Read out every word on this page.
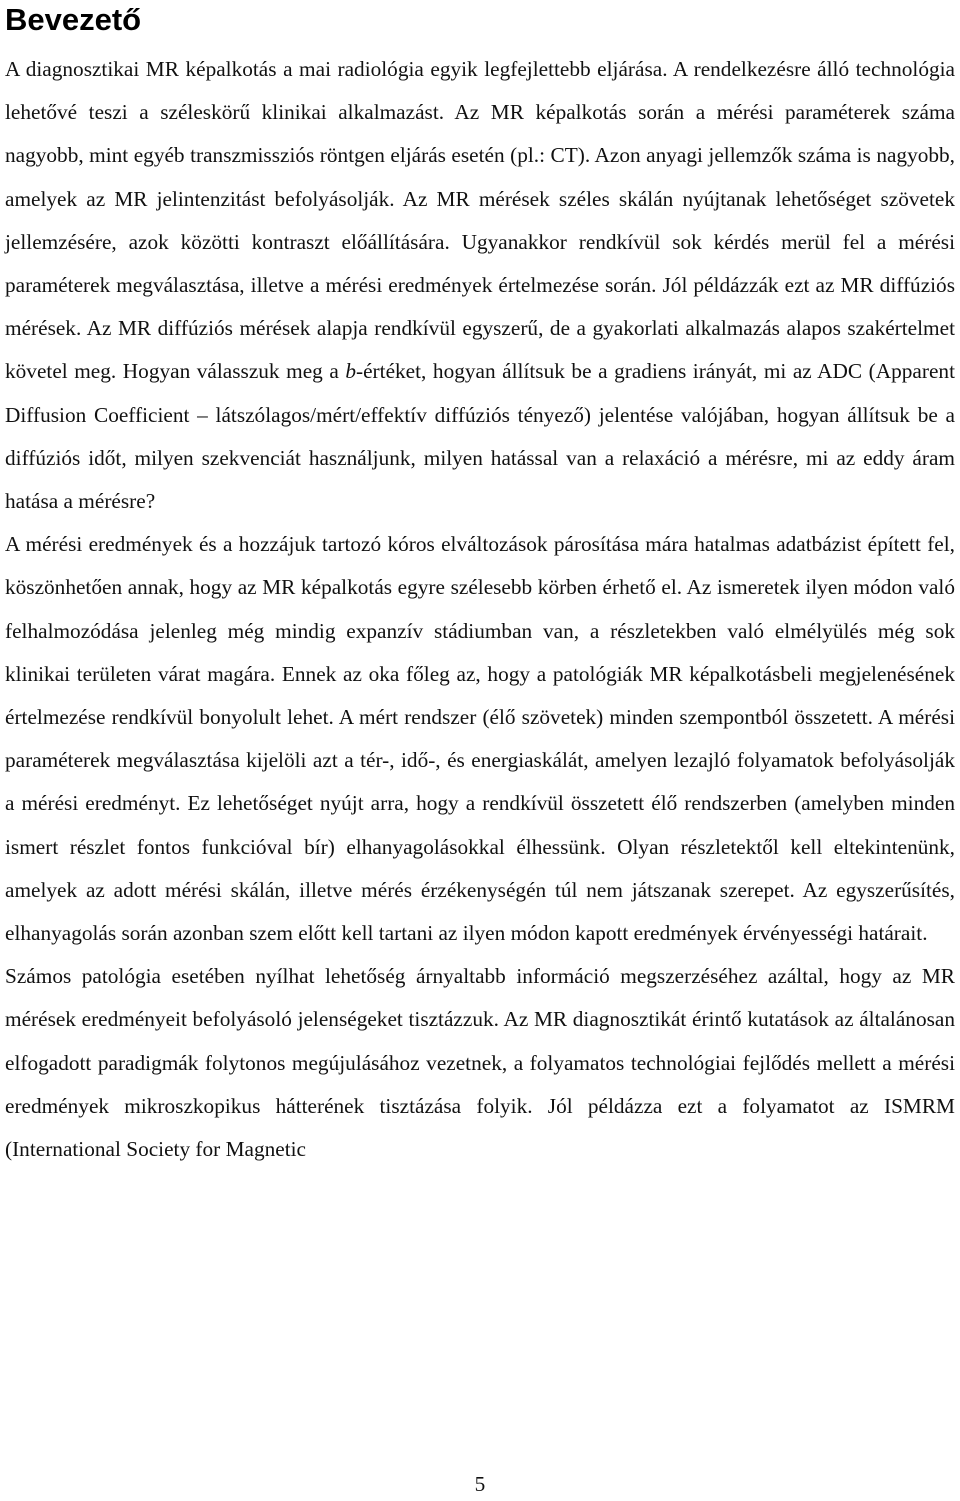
Bevezető

A diagnosztikai MR képalkotás a mai radiológia egyik legfejlettebb eljárása. A rendelkezésre álló technológia lehetővé teszi a széleskörű klinikai alkalmazást. Az MR képalkotás során a mérési paraméterek száma nagyobb, mint egyéb transzmissziós röntgen eljárás esetén (pl.: CT). Azon anyagi jellemzők száma is nagyobb, amelyek az MR jelintenzitást befolyásolják. Az MR mérések széles skálán nyújtanak lehetőséget szövetek jellemzésére, azok közötti kontraszt előállítására. Ugyanakkor rendkívül sok kérdés merül fel a mérési paraméterek megválasztása, illetve a mérési eredmények értelmezése során. Jól példázzák ezt az MR diffúziós mérések. Az MR diffúziós mérések alapja rendkívül egyszerű, de a gyakorlati alkalmazás alapos szakértelmet követel meg. Hogyan válasszuk meg a b-értéket, hogyan állítsuk be a gradiens irányát, mi az ADC (Apparent Diffusion Coefficient – látszólagos/mért/effektív diffúziós tényező) jelentése valójában, hogyan állítsuk be a diffúziós időt, milyen szekvenciát használjunk, milyen hatással van a relaxáció a mérésre, mi az eddy áram hatása a mérésre?

A mérési eredmények és a hozzájuk tartozó kóros elváltozások párosítása mára hatalmas adatbázist épített fel, köszönhetően annak, hogy az MR képalkotás egyre szélesebb körben érhető el. Az ismeretek ilyen módon való felhalmozódása jelenleg még mindig expanzív stádiumban van, a részletekben való elmélyülés még sok klinikai területen várat magára. Ennek az oka főleg az, hogy a patológiák MR képalkotásbeli megjelenésének értelmezése rendkívül bonyolult lehet. A mért rendszer (élő szövetek) minden szempontból összetett. A mérési paraméterek megválasztása kijelöli azt a tér-, idő-, és energiaskálát, amelyen lezajló folyamatok befolyásolják a mérési eredményt. Ez lehetőséget nyújt arra, hogy a rendkívül összetett élő rendszerben (amelyben minden ismert részlet fontos funkcióval bír) elhanyagolásokkal élhessünk. Olyan részletektől kell eltekintenünk, amelyek az adott mérési skálán, illetve mérés érzékenységén túl nem játszanak szerepet. Az egyszerűsítés, elhanyagolás során azonban szem előtt kell tartani az ilyen módon kapott eredmények érvényességi határait.

Számos patológia esetében nyílhat lehetőség árnyaltabb információ megszerzéséhez azáltal, hogy az MR mérések eredményeit befolyásoló jelenségeket tisztázzuk. Az MR diagnosztikát érintő kutatások az általánosan elfogadott paradigmák folytonos megújulásához vezetnek, a folyamatos technológiai fejlődés mellett a mérési eredmények mikroszkopikus hátterének tisztázása folyik. Jól példázza ezt a folyamatot az ISMRM (International Society for Magnetic

5
